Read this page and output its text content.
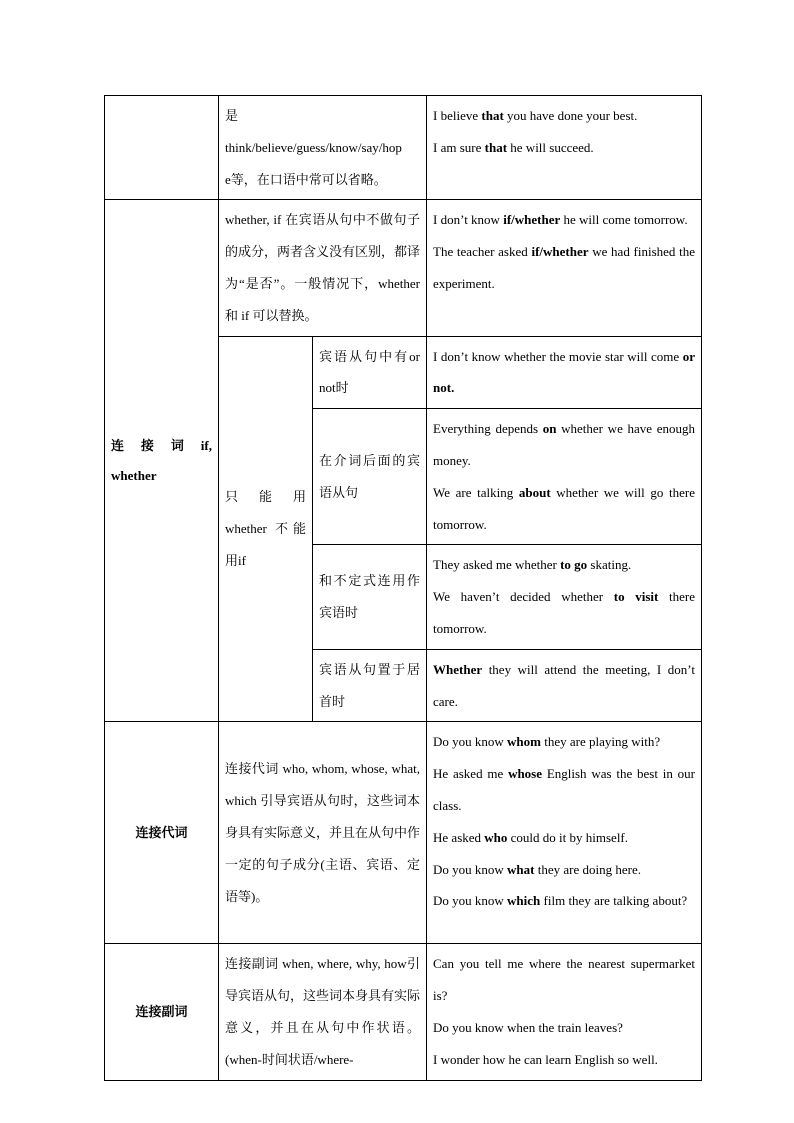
	是
think/believe/guess/know/say/hop
e等，在口语中常可以省略。		I believe that you have done your best.
I am sure that he will succeed.

连 接 词 if, whether	whether, if 在宾语从句中不做句子的成分，两者含义没有区别，都译为“是否”。一般情况下，whether和 if 可以替换。		I don’t know if/whether he will come tomorrow.
The teacher asked if/whether we had finished the experiment.

	只 能 用 whether 不能用if	宾语从句中有or not时	I don’t know whether the movie star will come or not.

		在介词后面的宾语从句	Everything depends on whether we have enough money.
We are talking about whether we will go there tomorrow.

		和不定式连用作宾语时	They asked me whether to go skating.
We haven’t decided whether to visit there tomorrow.

		宾语从句置于居首时	Whether they will attend the meeting, I don’t care.

连接代词	连接代词 who, whom, whose, what, which 引导宾语从句时，这些词本身具有实际意义，并且在从句中作一定的句子成分(主语、宾语、定语等)。		Do you know whom they are playing with?
He asked me whose English was the best in our class.
He asked who could do it by himself.
Do you know what they are doing here.
Do you know which film they are talking about?

连接副词	连接副词 when, where, why, how引导宾语从句，这些词本身具有实际意义，并且在从句中作状语。(when-时间状语/where-		Can you tell me where the nearest supermarket is?
Do you know when the train leaves?
I wonder how he can learn English so well.
